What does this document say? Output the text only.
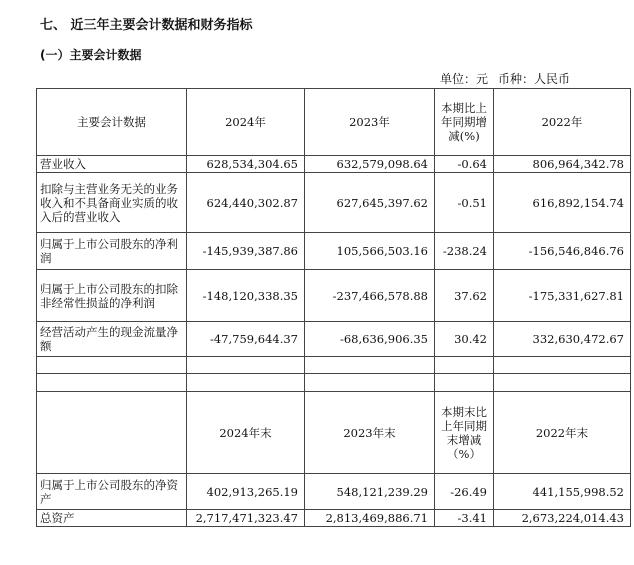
七、 近三年主要会计数据和财务指标
(一）主要会计数据
单位：元 币种：人民币
主要会计数据	2024年	2023年	本期比上年同期增减(%)	2022年
营业收入	628,534,304.65	632,579,098.64	-0.64	806,964,342.78
扣除与主营业务无关的业务收入和不具备商业实质的收入后的营业收入	624,440,302.87	627,645,397.62	-0.51	616,892,154.74
归属于上市公司股东的净利润	-145,939,387.86	105,566,503.16	-238.24	-156,546,846.76
归属于上市公司股东的扣除非经常性损益的净利润	-148,120,338.35	-237,466,578.88	37.62	-175,331,627.81
经营活动产生的现金流量净额	-47,759,644.37	-68,636,906.35	30.42	332,630,472.67

	2024年末	2023年末	本期末比上年同期末增减（%）	2022年末
归属于上市公司股东的净资产	402,913,265.19	548,121,239.29	-26.49	441,155,998.52
总资产	2,717,471,323.47	2,813,469,886.71	-3.41	2,673,224,014.43
